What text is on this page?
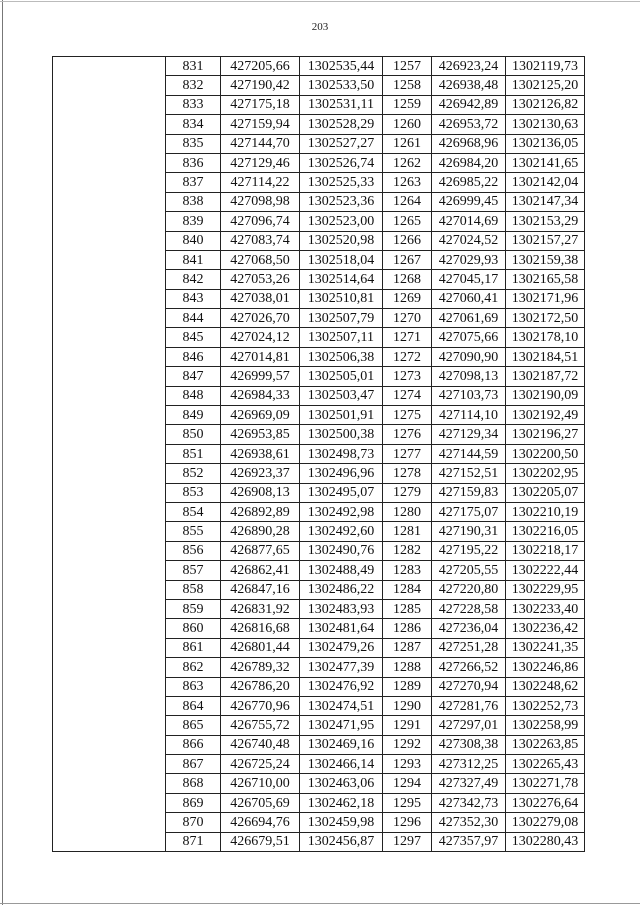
203
	831	427205,66	1302535,44	1257	426923,24	1302119,73
	832	427190,42	1302533,50	1258	426938,48	1302125,20
	833	427175,18	1302531,11	1259	426942,89	1302126,82
	834	427159,94	1302528,29	1260	426953,72	1302130,63
	835	427144,70	1302527,27	1261	426968,96	1302136,05
	836	427129,46	1302526,74	1262	426984,20	1302141,65
	837	427114,22	1302525,33	1263	426985,22	1302142,04
	838	427098,98	1302523,36	1264	426999,45	1302147,34
	839	427096,74	1302523,00	1265	427014,69	1302153,29
	840	427083,74	1302520,98	1266	427024,52	1302157,27
	841	427068,50	1302518,04	1267	427029,93	1302159,38
	842	427053,26	1302514,64	1268	427045,17	1302165,58
	843	427038,01	1302510,81	1269	427060,41	1302171,96
	844	427026,70	1302507,79	1270	427061,69	1302172,50
	845	427024,12	1302507,11	1271	427075,66	1302178,10
	846	427014,81	1302506,38	1272	427090,90	1302184,51
	847	426999,57	1302505,01	1273	427098,13	1302187,72
	848	426984,33	1302503,47	1274	427103,73	1302190,09
	849	426969,09	1302501,91	1275	427114,10	1302192,49
	850	426953,85	1302500,38	1276	427129,34	1302196,27
	851	426938,61	1302498,73	1277	427144,59	1302200,50
	852	426923,37	1302496,96	1278	427152,51	1302202,95
	853	426908,13	1302495,07	1279	427159,83	1302205,07
	854	426892,89	1302492,98	1280	427175,07	1302210,19
	855	426890,28	1302492,60	1281	427190,31	1302216,05
	856	426877,65	1302490,76	1282	427195,22	1302218,17
	857	426862,41	1302488,49	1283	427205,55	1302222,44
	858	426847,16	1302486,22	1284	427220,80	1302229,95
	859	426831,92	1302483,93	1285	427228,58	1302233,40
	860	426816,68	1302481,64	1286	427236,04	1302236,42
	861	426801,44	1302479,26	1287	427251,28	1302241,35
	862	426789,32	1302477,39	1288	427266,52	1302246,86
	863	426786,20	1302476,92	1289	427270,94	1302248,62
	864	426770,96	1302474,51	1290	427281,76	1302252,73
	865	426755,72	1302471,95	1291	427297,01	1302258,99
	866	426740,48	1302469,16	1292	427308,38	1302263,85
	867	426725,24	1302466,14	1293	427312,25	1302265,43
	868	426710,00	1302463,06	1294	427327,49	1302271,78
	869	426705,69	1302462,18	1295	427342,73	1302276,64
	870	426694,76	1302459,98	1296	427352,30	1302279,08
	871	426679,51	1302456,87	1297	427357,97	1302280,43
